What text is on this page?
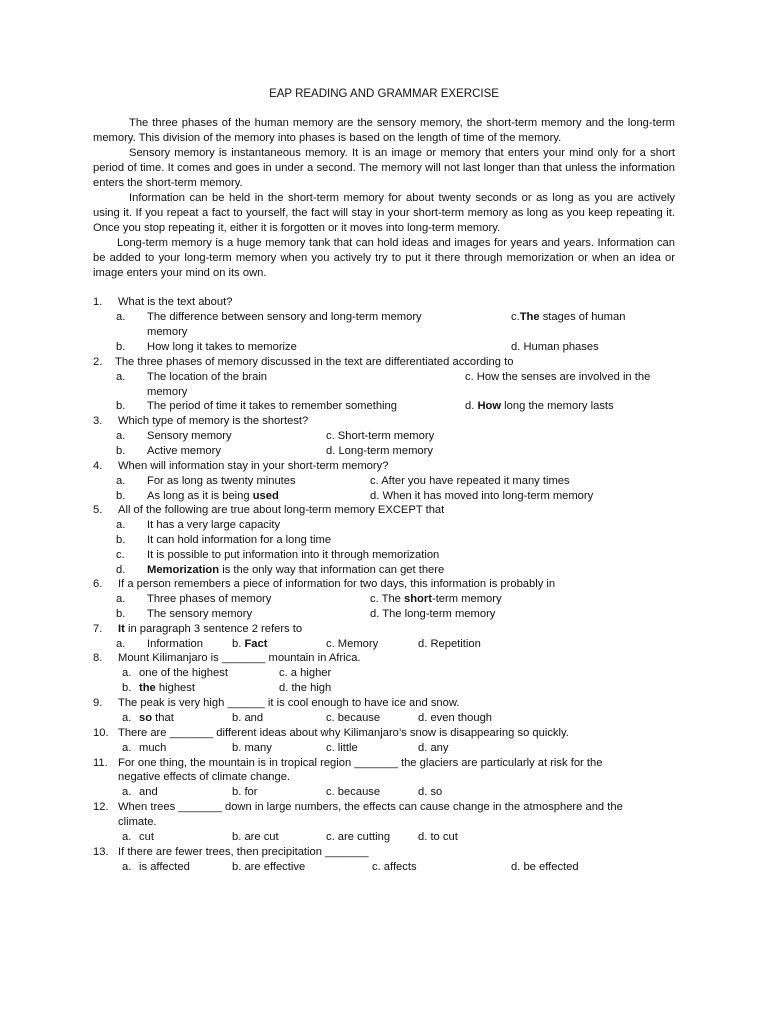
EAP READING AND GRAMMAR EXERCISE

The three phases of the human memory are the sensory memory, the short-term memory and the long-term memory. This division of the memory into phases is based on the length of time of the memory.

Sensory memory is instantaneous memory. It is an image or memory that enters your mind only for a short period of time. It comes and goes in under a second. The memory will not last longer than that unless the information enters the short-term memory.

Information can be held in the short-term memory for about twenty seconds or as long as you are actively using it. If you repeat a fact to yourself, the fact will stay in your short-term memory as long as you keep repeating it. Once you stop repeating it, either it is forgotten or it moves into long-term memory.

Long-term memory is a huge memory tank that can hold ideas and images for years and years. Information can be added to your long-term memory when you actively try to put it there through memorization or when an idea or image enters your mind on its own.

1. What is the text about?
a. The difference between sensory and long-term memory	c.The stages of human
memory
b. How long it takes to memorize	d. Human phases
2. The three phases of memory discussed in the text are differentiated according to
a. The location of the brain	c. How the senses are involved in the
memory
b. The period of time it takes to remember something	d. How long the memory lasts
3. Which type of memory is the shortest?
a. Sensory memory	c. Short-term memory
b. Active memory	d. Long-term memory
4. When will information stay in your short-term memory?
a. For as long as twenty minutes	c. After you have repeated it many times
b. As long as it is being used	d. When it has moved into long-term memory
5. All of the following are true about long-term memory EXCEPT that
a. It has a very large capacity
b. It can hold information for a long time
c. It is possible to put information into it through memorization
d. Memorization is the only way that information can get there
6. If a person remembers a piece of information for two days, this information is probably in
a. Three phases of memory	c. The short-term memory
b. The sensory memory	d. The long-term memory
7. It in paragraph 3 sentence 2 refers to
a. Information	b. Fact	c. Memory	d. Repetition
8. Mount Kilimanjaro is _______ mountain in Africa.
a. one of the highest	c. a higher
b. the highest	d. the high
9. The peak is very high ______ it is cool enough to have ice and snow.
a. so that	b. and	c. because	d. even though
10. There are _______ different ideas about why Kilimanjaro’s snow is disappearing so quickly.
a. much	b. many	c. little	d. any
11. For one thing, the mountain is in tropical region _______ the glaciers are particularly at risk for the
negative effects of climate change.
a. and	b. for	c. because	d. so
12. When trees _______ down in large numbers, the effects can cause change in the atmosphere and the
climate.
a. cut	b. are cut	c. are cutting d. to cut
13. If there are fewer trees, then precipitation _______
a. is affected	b. are effective	c. affects	d. be effected
